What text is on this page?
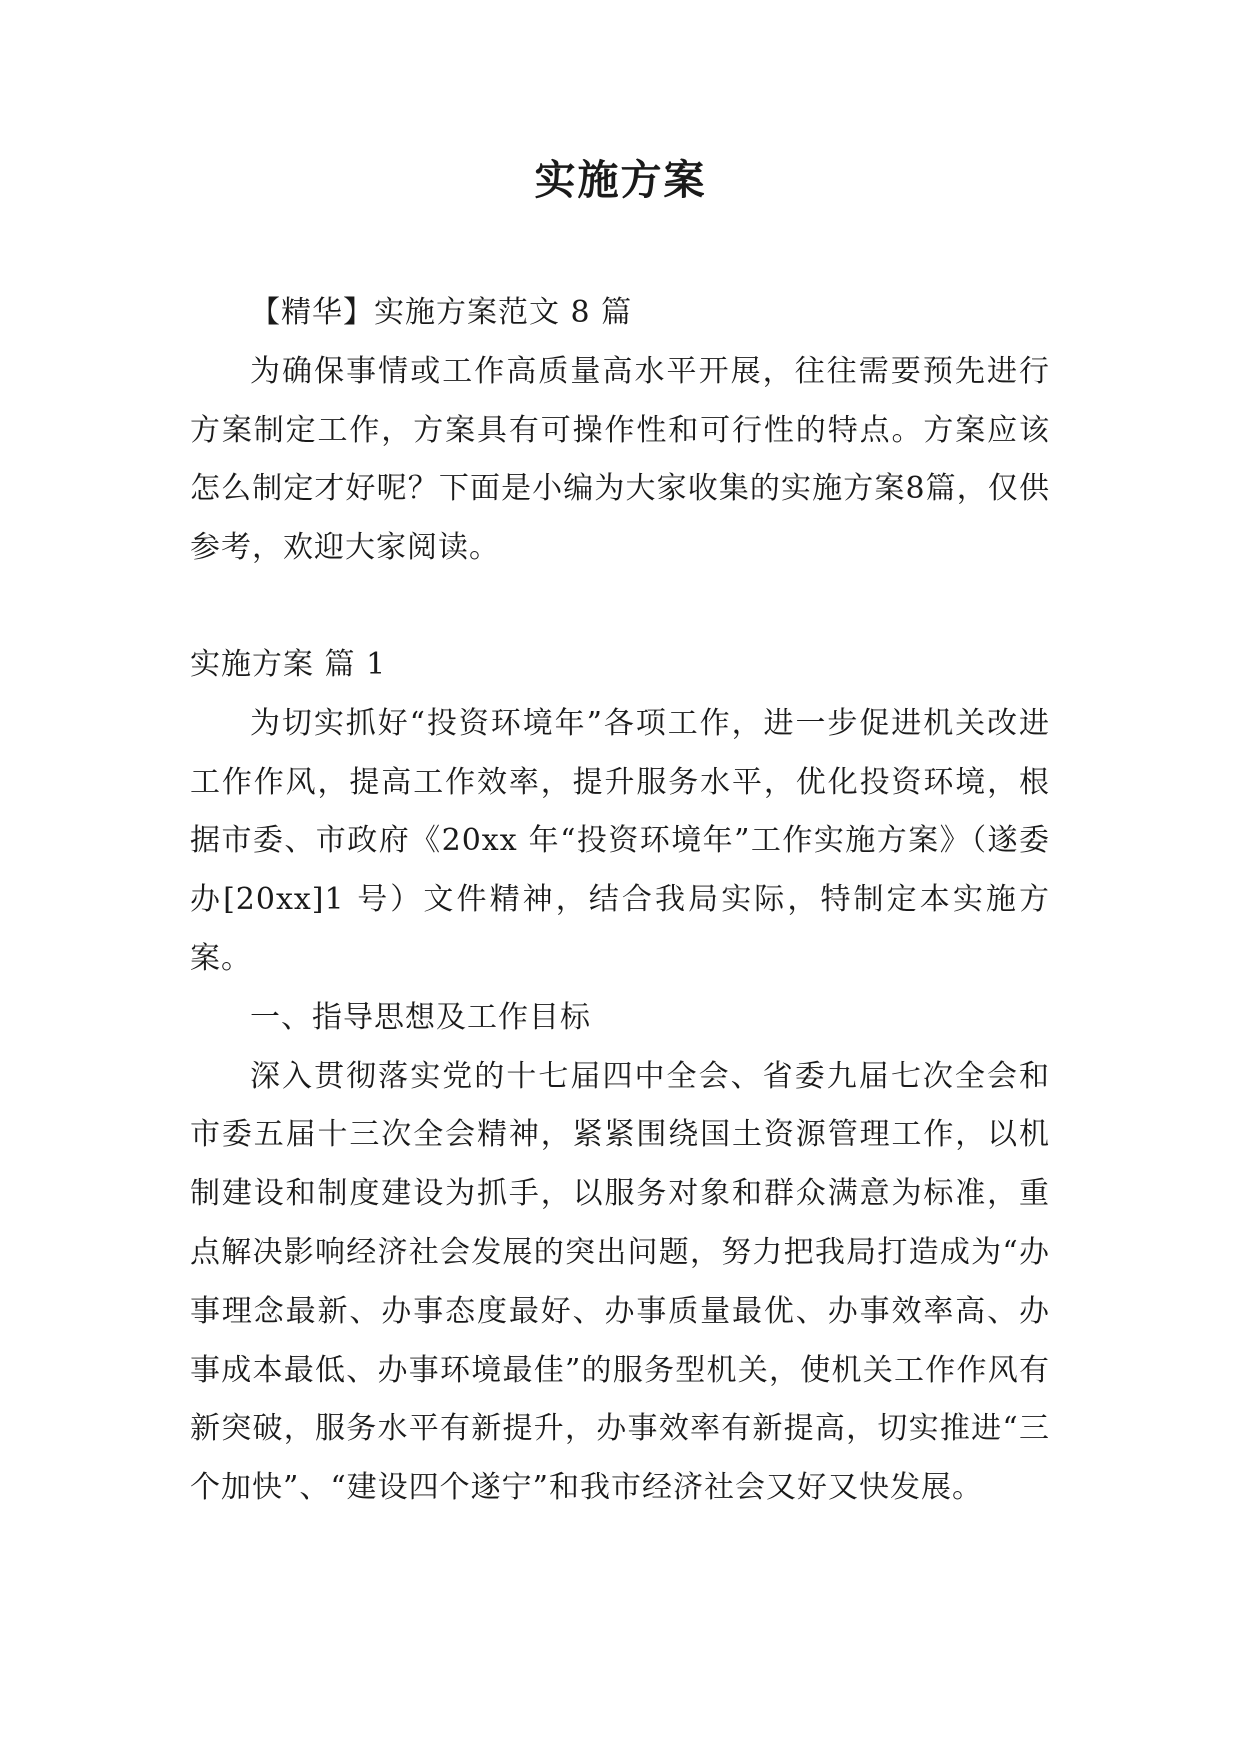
实施方案

【精华】实施方案范文 8 篇

为确保事情或工作高质量高水平开展，往往需要预先进行方案制定工作，方案具有可操作性和可行性的特点。方案应该怎么制定才好呢？下面是小编为大家收集的实施方案8篇，仅供参考，欢迎大家阅读。

实施方案 篇 1

为切实抓好“投资环境年”各项工作，进一步促进机关改进工作作风，提高工作效率，提升服务水平，优化投资环境，根据市委、市政府《20xx 年“投资环境年”工作实施方案》（遂委办[20xx]1 号）文件精神，结合我局实际，特制定本实施方案。

一、指导思想及工作目标

深入贯彻落实党的十七届四中全会、省委九届七次全会和市委五届十三次全会精神，紧紧围绕国土资源管理工作，以机制建设和制度建设为抓手，以服务对象和群众满意为标准，重点解决影响经济社会发展的突出问题，努力把我局打造成为“办事理念最新、办事态度最好、办事质量最优、办事效率高、办事成本最低、办事环境最佳”的服务型机关，使机关工作作风有新突破，服务水平有新提升，办事效率有新提高，切实推进“三个加快”、“建设四个遂宁”和我市经济社会又好又快发展。
